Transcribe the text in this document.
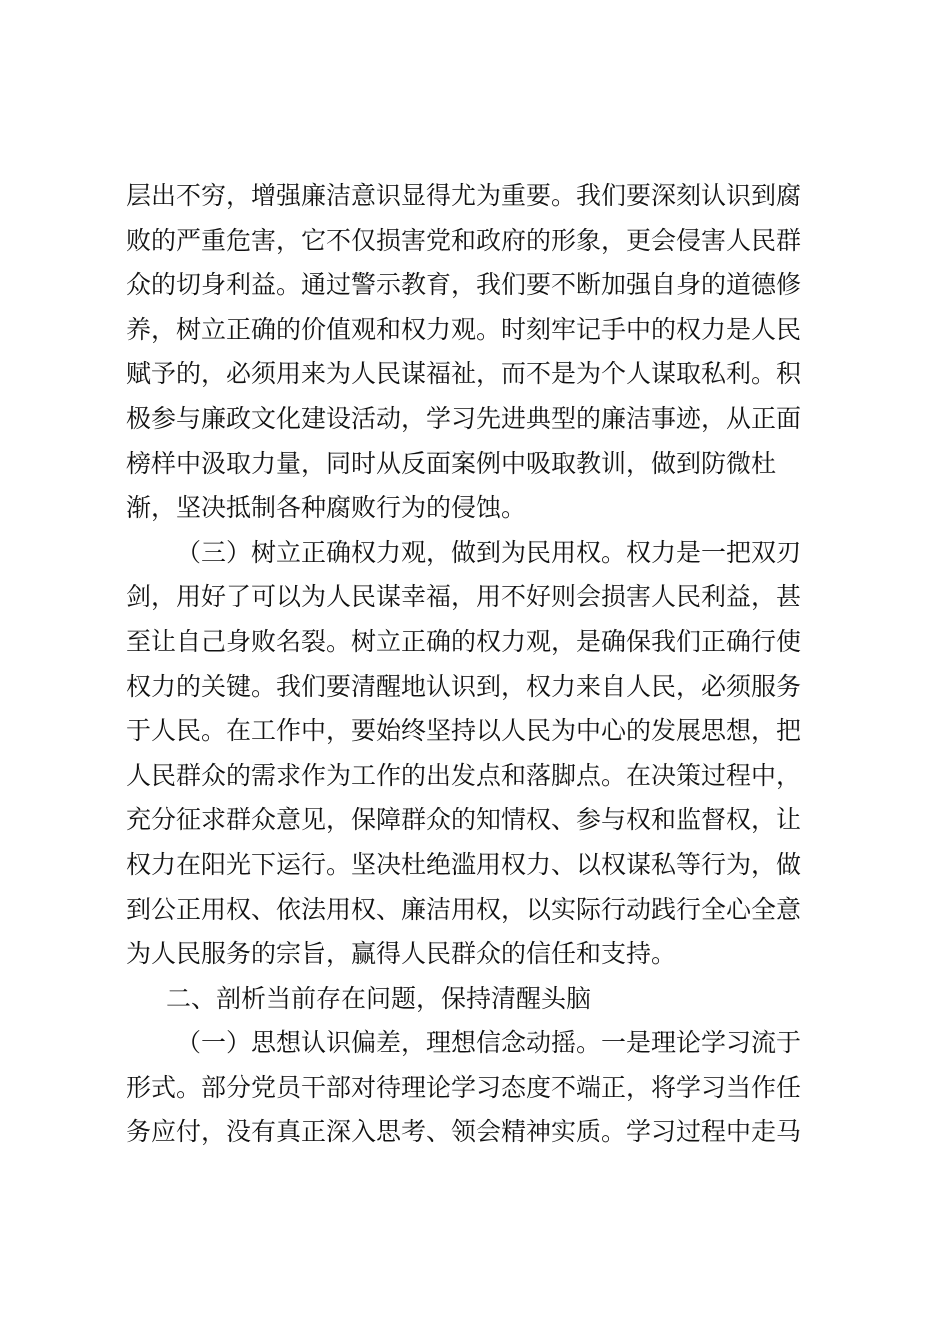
层出不穷，增强廉洁意识显得尤为重要。我们要深刻认识到腐
败的严重危害，它不仅损害党和政府的形象，更会侵害人民群
众的切身利益。通过警示教育，我们要不断加强自身的道德修
养，树立正确的价值观和权力观。时刻牢记手中的权力是人民
赋予的，必须用来为人民谋福祉，而不是为个人谋取私利。积
极参与廉政文化建设活动，学习先进典型的廉洁事迹，从正面
榜样中汲取力量，同时从反面案例中吸取教训，做到防微杜
渐，坚决抵制各种腐败行为的侵蚀。
（三）树立正确权力观，做到为民用权。权力是一把双刃
剑，用好了可以为人民谋幸福，用不好则会损害人民利益，甚
至让自己身败名裂。树立正确的权力观，是确保我们正确行使
权力的关键。我们要清醒地认识到，权力来自人民，必须服务
于人民。在工作中，要始终坚持以人民为中心的发展思想，把
人民群众的需求作为工作的出发点和落脚点。在决策过程中，
充分征求群众意见，保障群众的知情权、参与权和监督权，让
权力在阳光下运行。坚决杜绝滥用权力、以权谋私等行为，做
到公正用权、依法用权、廉洁用权，以实际行动践行全心全意
为人民服务的宗旨，赢得人民群众的信任和支持。
二、剖析当前存在问题，保持清醒头脑
（一）思想认识偏差，理想信念动摇。一是理论学习流于
形式。部分党员干部对待理论学习态度不端正，将学习当作任
务应付，没有真正深入思考、领会精神实质。学习过程中走马
